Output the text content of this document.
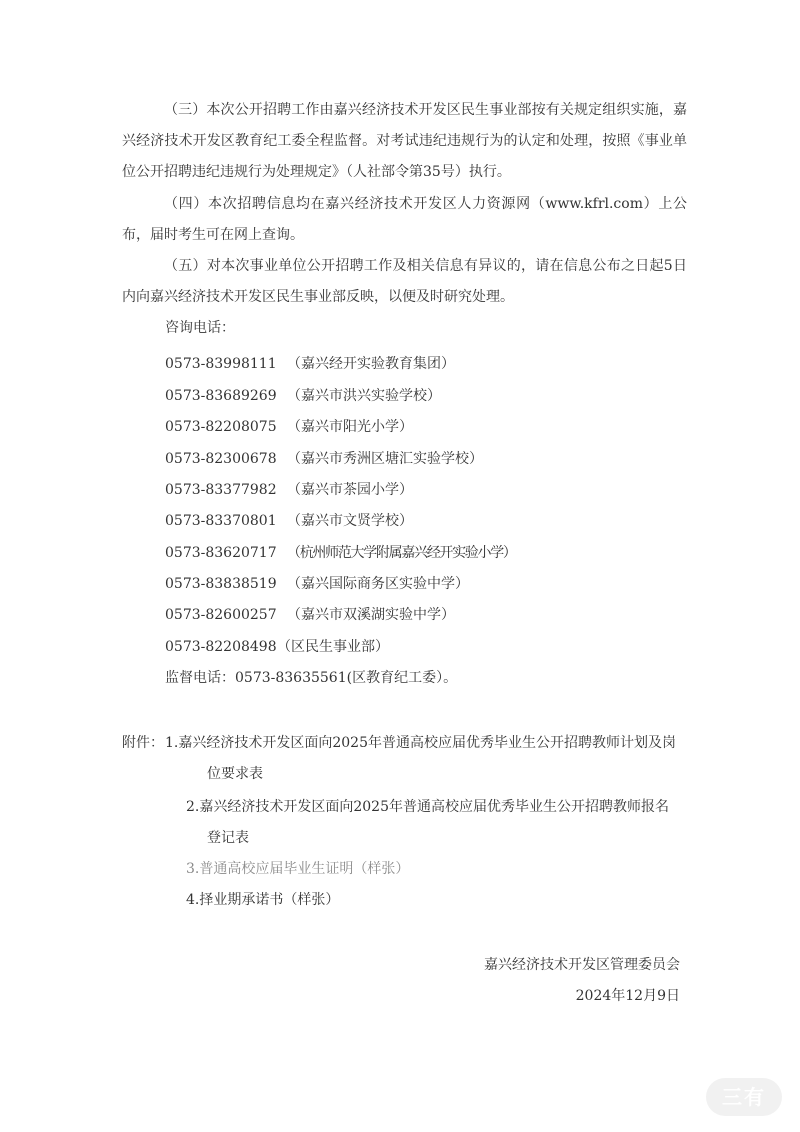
（三）本次公开招聘工作由嘉兴经济技术开发区民生事业部按有关规定组织实施，嘉兴经济技术开发区教育纪工委全程监督。对考试违纪违规行为的认定和处理，按照《事业单位公开招聘违纪违规行为处理规定》（人社部令第35号）执行。

（四）本次招聘信息均在嘉兴经济技术开发区人力资源网（www.kfrl.com）上公布，届时考生可在网上查询。

（五）对本次事业单位公开招聘工作及相关信息有异议的，请在信息公布之日起5日内向嘉兴经济技术开发区民生事业部反映，以便及时研究处理。

咨询电话：

0573-83998111 （嘉兴经开实验教育集团）
0573-83689269 （嘉兴市洪兴实验学校）
0573-82208075 （嘉兴市阳光小学）
0573-82300678 （嘉兴市秀洲区塘汇实验学校）
0573-83377982 （嘉兴市茶园小学）
0573-83370801 （嘉兴市文贤学校）
0573-83620717 （杭州师范大学附属嘉兴经开实验小学）
0573-83838519 （嘉兴国际商务区实验中学）
0573-82600257 （嘉兴市双溪湖实验中学）
0573-82208498（区民生事业部）

监督电话：0573-83635561(区教育纪工委）。

附件： 1.嘉兴经济技术开发区面向2025年普通高校应届优秀毕业生公开招聘教师计划及岗

位要求表

2.嘉兴经济技术开发区面向2025年普通高校应届优秀毕业生公开招聘教师报名

登记表

3.普通高校应届毕业生证明（样张）

4.择业期承诺书（样张）

嘉兴经济技术开发区管理委员会
2024年12月9日
三有
